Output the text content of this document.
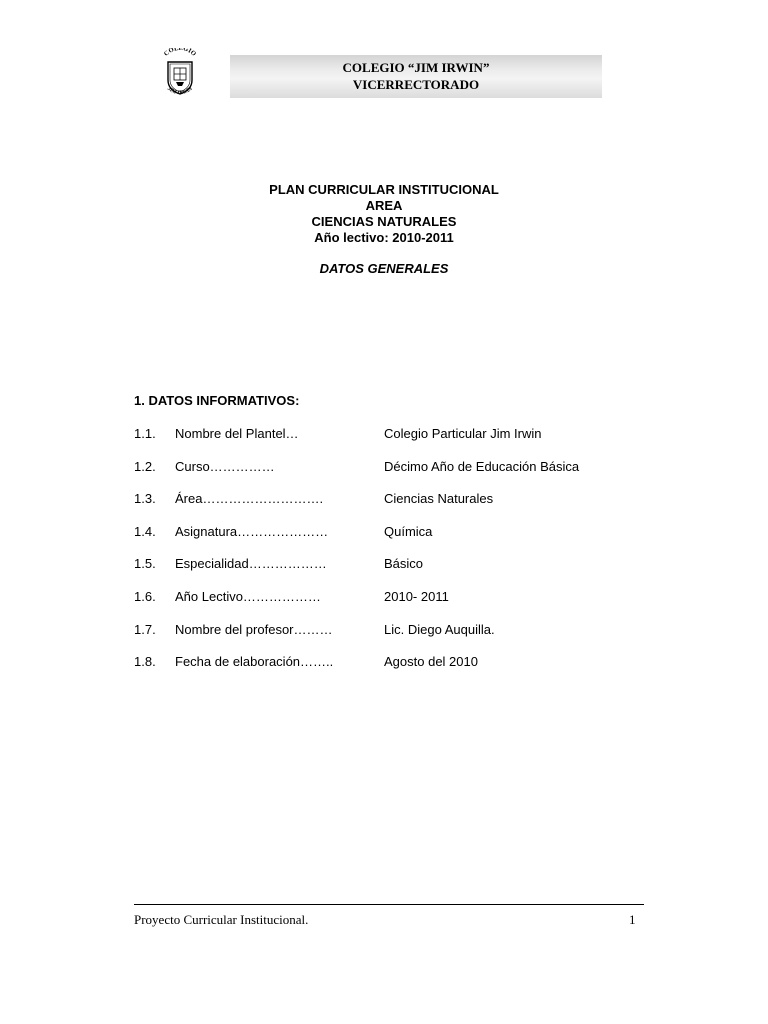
COLEGIO
JIM IRWIN
COLEGIO “JIM IRWIN”
VICERRECTORADO
PLAN CURRICULAR INSTITUCIONAL
AREA
CIENCIAS NATURALES
Año lectivo: 2010-2011
DATOS GENERALES
1. DATOS INFORMATIVOS:
1.1. Nombre del Plantel…	Colegio Particular Jim Irwin
1.2. Curso……………	Décimo Año de Educación Básica
1.3. Área……………………….	Ciencias Naturales
1.4. Asignatura…………………	Química
1.5. Especialidad………………	Básico
1.6. Año Lectivo………………	2010- 2011
1.7. Nombre del profesor………	Lic. Diego Auquilla.
1.8. Fecha de elaboración……..	Agosto del 2010
Proyecto Curricular Institucional.	1
